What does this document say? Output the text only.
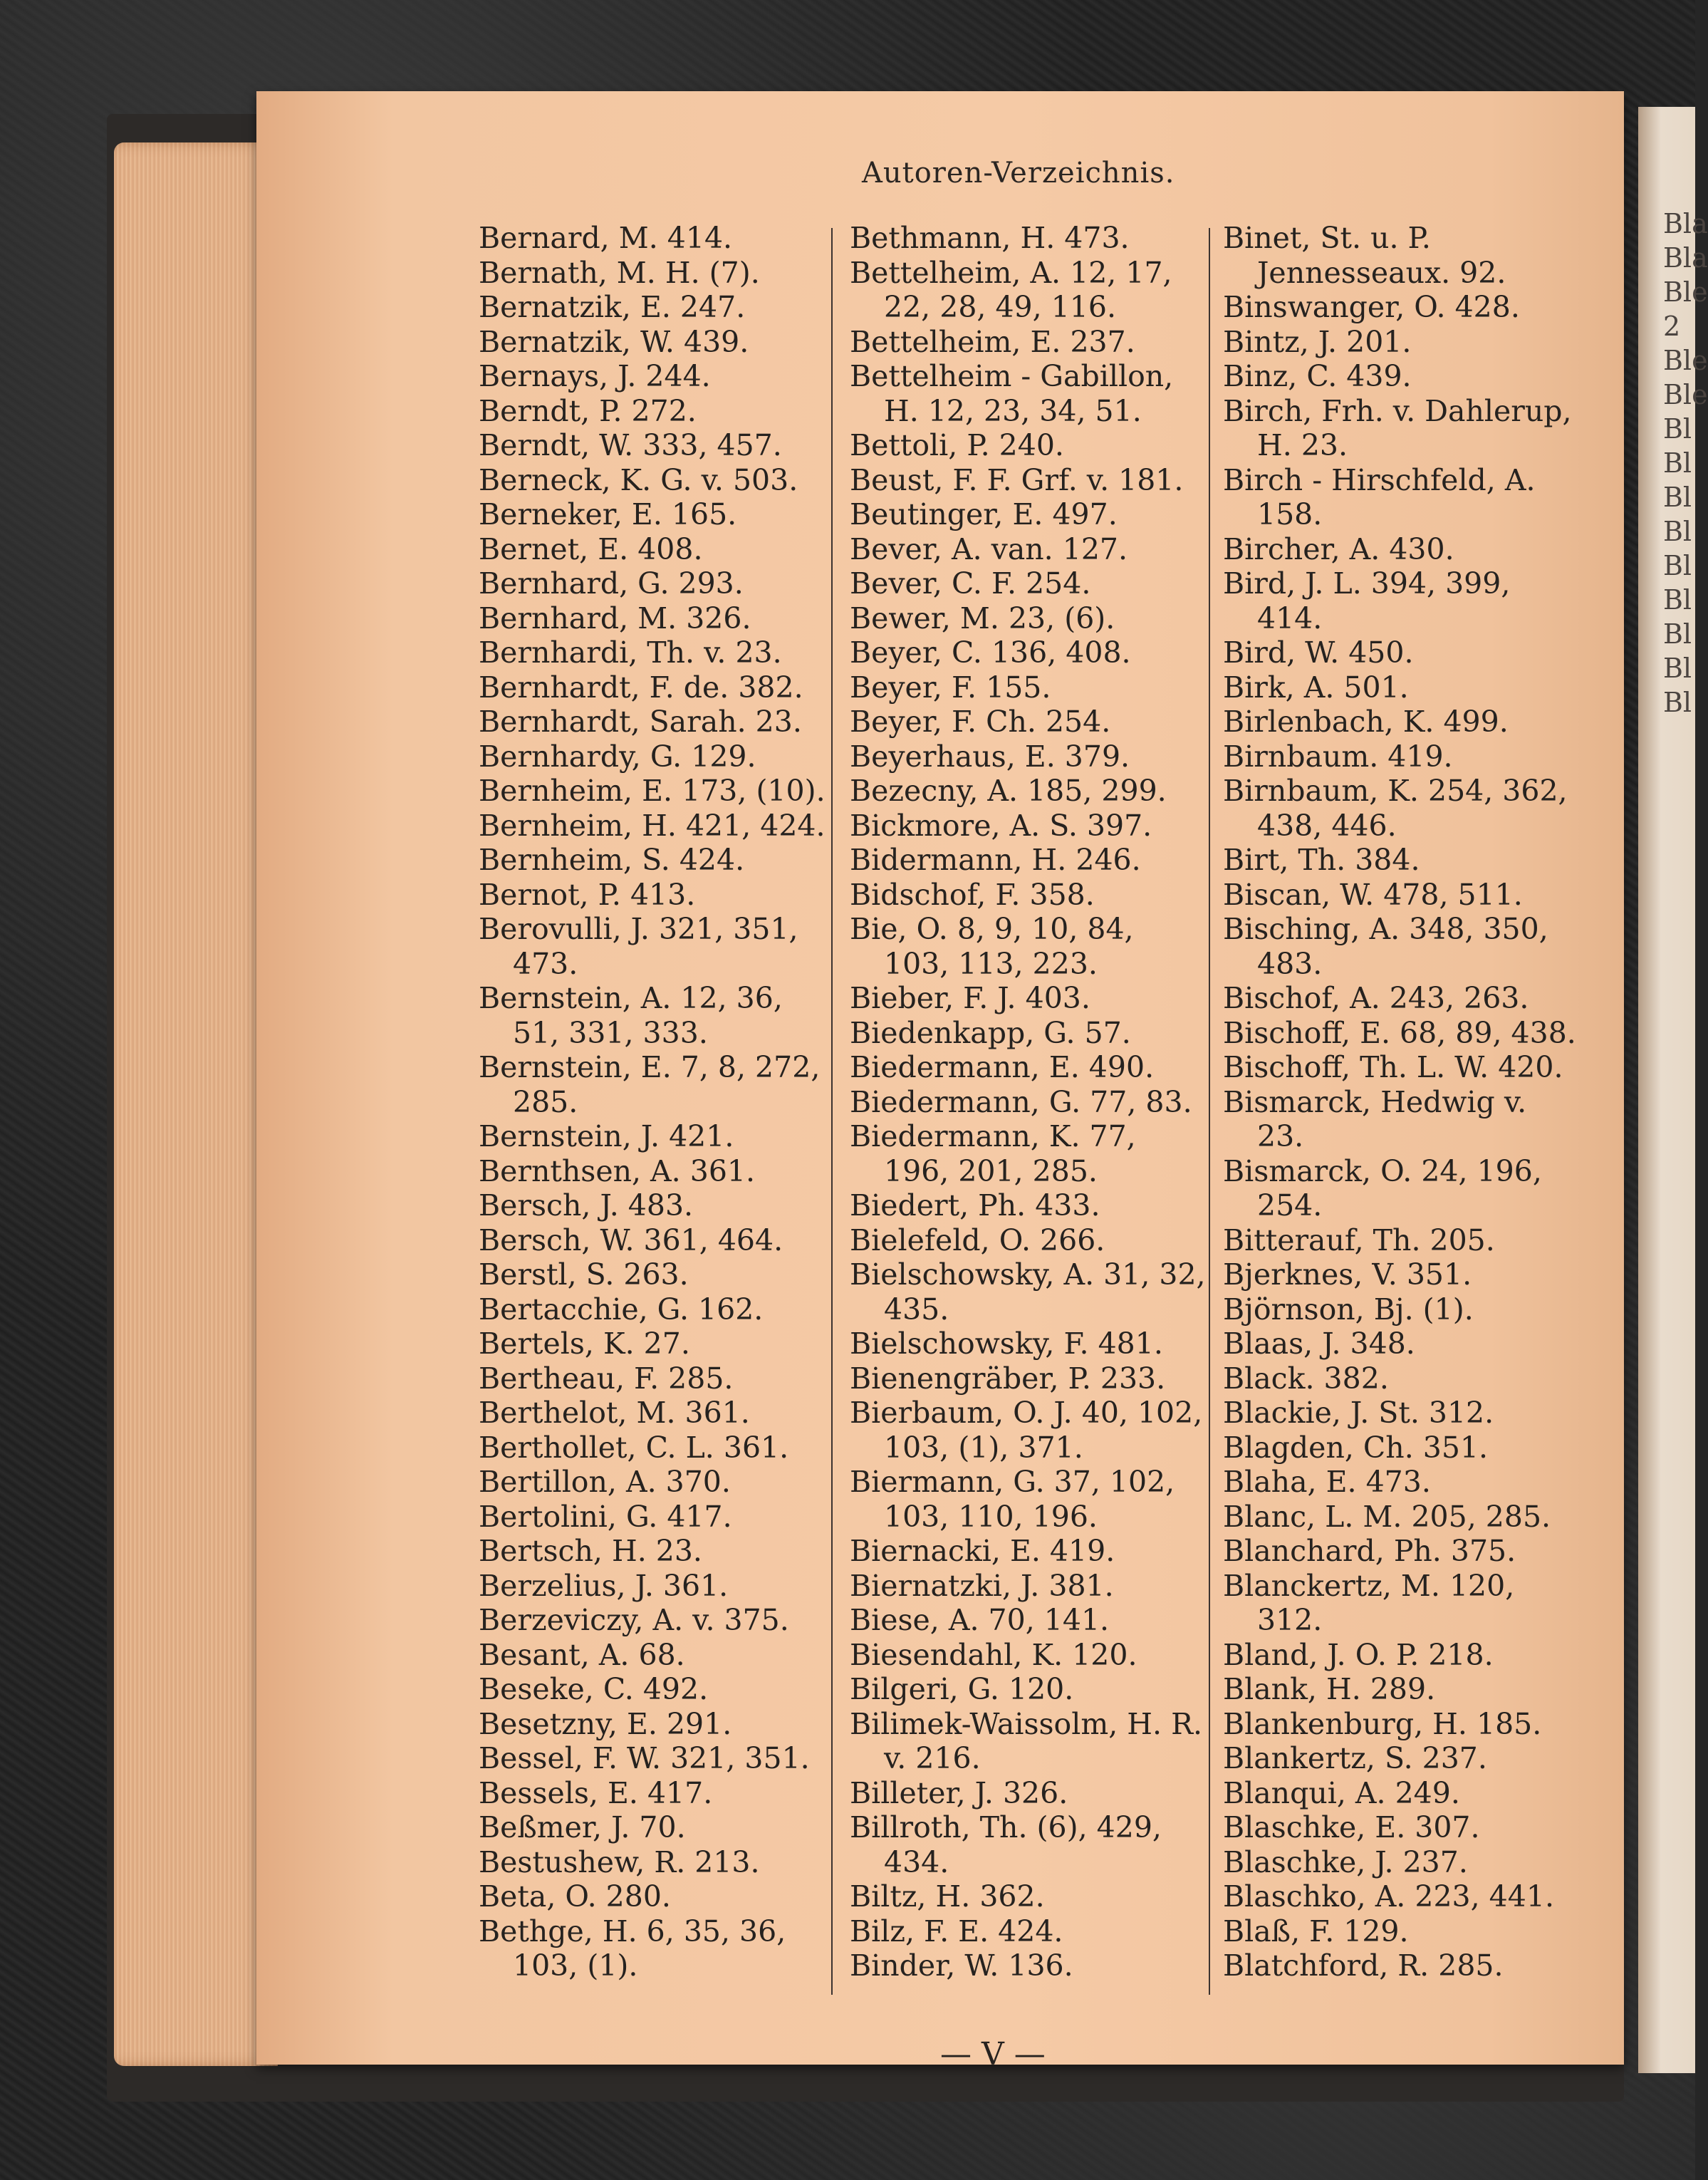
Bla
Bla
Ble
2
Ble
Ble
Bl
Bl
Bl
Bl
Bl
Bl
Bl
Bl
Bl
Autoren-Verzeichnis.
Bernard, M. 414.
Bernath, M. H. (7).
Bernatzik, E. 247.
Bernatzik, W. 439.
Bernays, J. 244.
Berndt, P. 272.
Berndt, W. 333, 457.
Berneck, K. G. v. 503.
Berneker, E. 165.
Bernet, E. 408.
Bernhard, G. 293.
Bernhard, M. 326.
Bernhardi, Th. v. 23.
Bernhardt, F. de. 382.
Bernhardt, Sarah. 23.
Bernhardy, G. 129.
Bernheim, E. 173, (10).
Bernheim, H. 421, 424.
Bernheim, S. 424.
Bernot, P. 413.
Berovulli, J. 321, 351, 473.
Bernstein, A. 12, 36, 51, 331, 333.
Bernstein, E. 7, 8, 272, 285.
Bernstein, J. 421.
Bernthsen, A. 361.
Bersch, J. 483.
Bersch, W. 361, 464.
Berstl, S. 263.
Bertacchie, G. 162.
Bertels, K. 27.
Bertheau, F. 285.
Berthelot, M. 361.
Berthollet, C. L. 361.
Bertillon, A. 370.
Bertolini, G. 417.
Bertsch, H. 23.
Berzelius, J. 361.
Berzeviczy, A. v. 375.
Besant, A. 68.
Beseke, C. 492.
Besetzny, E. 291.
Bessel, F. W. 321, 351.
Bessels, E. 417.
Beßmer, J. 70.
Bestushew, R. 213.
Beta, O. 280.
Bethge, H. 6, 35, 36, 103, (1).
Bethmann, H. 473.
Bettelheim, A. 12, 17, 22, 28, 49, 116.
Bettelheim, E. 237.
Bettelheim - Gabillon, H. 12, 23, 34, 51.
Bettoli, P. 240.
Beust, F. F. Grf. v. 181.
Beutinger, E. 497.
Bever, A. van. 127.
Bever, C. F. 254.
Bewer, M. 23, (6).
Beyer, C. 136, 408.
Beyer, F. 155.
Beyer, F. Ch. 254.
Beyerhaus, E. 379.
Bezecny, A. 185, 299.
Bickmore, A. S. 397.
Bidermann, H. 246.
Bidschof, F. 358.
Bie, O. 8, 9, 10, 84, 103, 113, 223.
Bieber, F. J. 403.
Biedenkapp, G. 57.
Biedermann, E. 490.
Biedermann, G. 77, 83.
Biedermann, K. 77, 196, 201, 285.
Biedert, Ph. 433.
Bielefeld, O. 266.
Bielschowsky, A. 31, 32, 435.
Bielschowsky, F. 481.
Bienengräber, P. 233.
Bierbaum, O. J. 40, 102, 103, (1), 371.
Biermann, G. 37, 102, 103, 110, 196.
Biernacki, E. 419.
Biernatzki, J. 381.
Biese, A. 70, 141.
Biesendahl, K. 120.
Bilgeri, G. 120.
Bilimek-Waissolm, H. R. v. 216.
Billeter, J. 326.
Billroth, Th. (6), 429, 434.
Biltz, H. 362.
Bilz, F. E. 424.
Binder, W. 136.
Binet, St. u. P. Jennesseaux. 92.
Binswanger, O. 428.
Bintz, J. 201.
Binz, C. 439.
Birch, Frh. v. Dahlerup, H. 23.
Birch - Hirschfeld, A. 158.
Bircher, A. 430.
Bird, J. L. 394, 399, 414.
Bird, W. 450.
Birk, A. 501.
Birlenbach, K. 499.
Birnbaum. 419.
Birnbaum, K. 254, 362, 438, 446.
Birt, Th. 384.
Biscan, W. 478, 511.
Bisching, A. 348, 350, 483.
Bischof, A. 243, 263.
Bischoff, E. 68, 89, 438.
Bischoff, Th. L. W. 420.
Bismarck, Hedwig v. 23.
Bismarck, O. 24, 196, 254.
Bitterauf, Th. 205.
Bjerknes, V. 351.
Björnson, Bj. (1).
Blaas, J. 348.
Black. 382.
Blackie, J. St. 312.
Blagden, Ch. 351.
Blaha, E. 473.
Blanc, L. M. 205, 285.
Blanchard, Ph. 375.
Blanckertz, M. 120, 312.
Bland, J. O. P. 218.
Blank, H. 289.
Blankenburg, H. 185.
Blankertz, S. 237.
Blanqui, A. 249.
Blaschke, E. 307.
Blaschke, J. 237.
Blaschko, A. 223, 441.
Blaß, F. 129.
Blatchford, R. 285.
— V —
